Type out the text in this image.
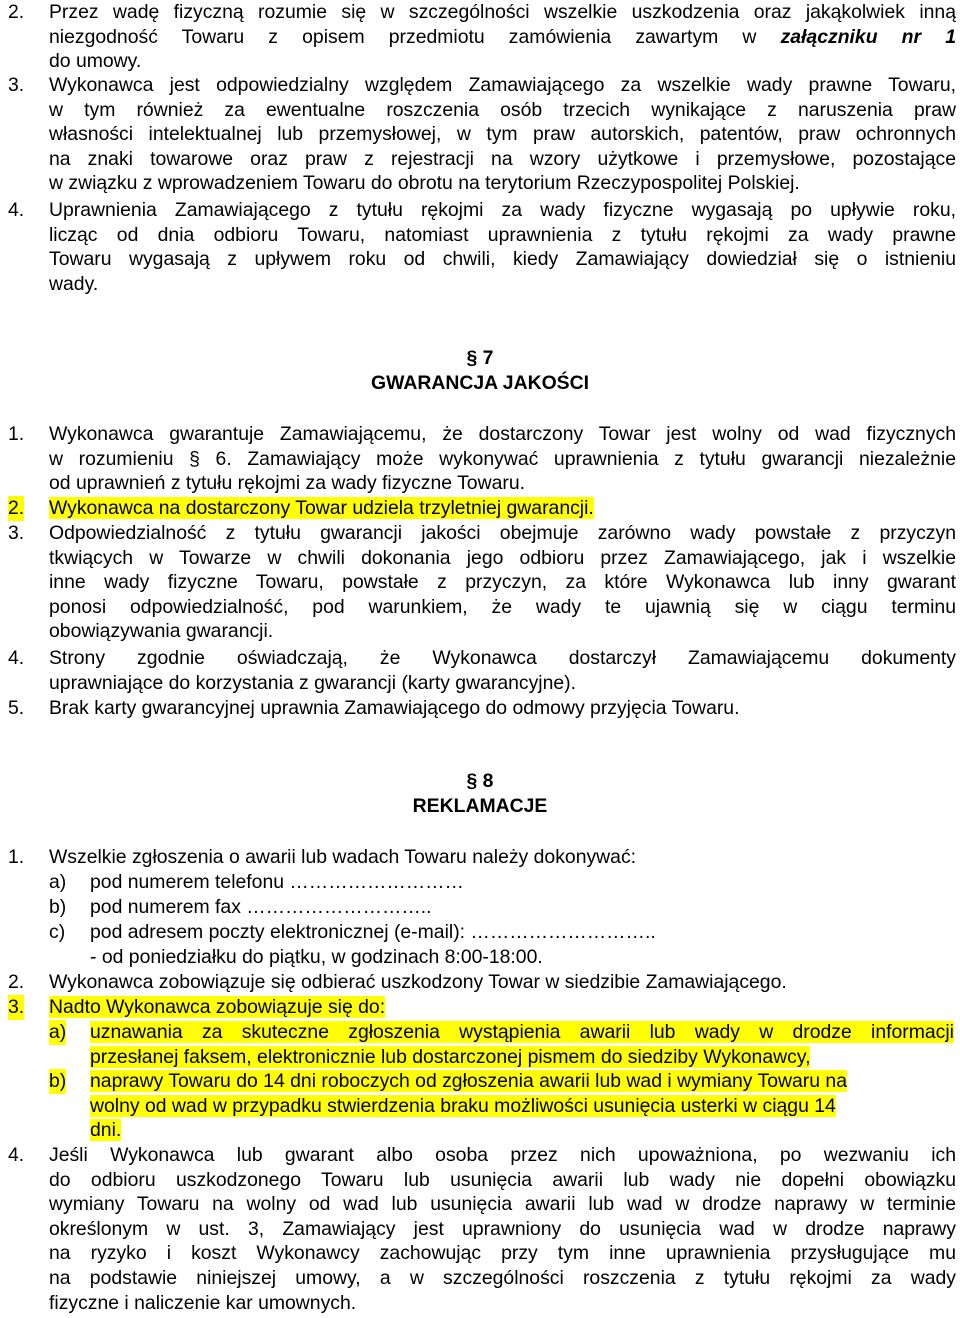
2. Przez wadę fizyczną rozumie się w szczególności wszelkie uszkodzenia oraz jakąkolwiek inną
niezgodność Towaru z opisem przedmiotu zamówienia zawartym w załączniku nr 1
do umowy.
3. Wykonawca jest odpowiedzialny względem Zamawiającego za wszelkie wady prawne Towaru,
w tym również za ewentualne roszczenia osób trzecich wynikające z naruszenia praw
własności intelektualnej lub przemysłowej, w tym praw autorskich, patentów, praw ochronnych
na znaki towarowe oraz praw z rejestracji na wzory użytkowe i przemysłowe, pozostające
w związku z wprowadzeniem Towaru do obrotu na terytorium Rzeczypospolitej Polskiej.
4. Uprawnienia Zamawiającego z tytułu rękojmi za wady fizyczne wygasają po upływie roku,
licząc od dnia odbioru Towaru, natomiast uprawnienia z tytułu rękojmi za wady prawne
Towaru wygasają z upływem roku od chwili, kiedy Zamawiający dowiedział się o istnieniu
wady.
§ 7
GWARANCJA JAKOŚCI
1. Wykonawca gwarantuje Zamawiającemu, że dostarczony Towar jest wolny od wad fizycznych
w rozumieniu § 6. Zamawiający może wykonywać uprawnienia z tytułu gwarancji niezależnie
od uprawnień z tytułu rękojmi za wady fizyczne Towaru.
2. Wykonawca na dostarczony Towar udziela trzyletniej gwarancji.
3. Odpowiedzialność z tytułu gwarancji jakości obejmuje zarówno wady powstałe z przyczyn
tkwiących w Towarze w chwili dokonania jego odbioru przez Zamawiającego, jak i wszelkie
inne wady fizyczne Towaru, powstałe z przyczyn, za które Wykonawca lub inny gwarant
ponosi odpowiedzialność, pod warunkiem, że wady te ujawnią się w ciągu terminu
obowiązywania gwarancji.
4. Strony zgodnie oświadczają, że Wykonawca dostarczył Zamawiającemu dokumenty
uprawniające do korzystania z gwarancji (karty gwarancyjne).
5. Brak karty gwarancyjnej uprawnia Zamawiającego do odmowy przyjęcia Towaru.
§ 8
REKLAMACJE
1. Wszelkie zgłoszenia o awarii lub wadach Towaru należy dokonywać:
a) pod numerem telefonu ………………………
b) pod numerem fax ………………………..
c) pod adresem poczty elektronicznej (e-mail): ………………………..
- od poniedziałku do piątku, w godzinach 8:00-18:00.
2. Wykonawca zobowiązuje się odbierać uszkodzony Towar w siedzibie Zamawiającego.
3. Nadto Wykonawca zobowiązuje się do:
a) uznawania za skuteczne zgłoszenia wystąpienia awarii lub wady w drodze informacji
przesłanej faksem, elektronicznie lub dostarczonej pismem do siedziby Wykonawcy,
b) naprawy Towaru do 14 dni roboczych od zgłoszenia awarii lub wad i wymiany Towaru na
wolny od wad w przypadku stwierdzenia braku możliwości usunięcia usterki w ciągu 14
dni.
4. Jeśli Wykonawca lub gwarant albo osoba przez nich upoważniona, po wezwaniu ich
do odbioru uszkodzonego Towaru lub usunięcia awarii lub wady nie dopełni obowiązku
wymiany Towaru na wolny od wad lub usunięcia awarii lub wad w drodze naprawy w terminie
określonym w ust. 3, Zamawiający jest uprawniony do usunięcia wad w drodze naprawy
na ryzyko i koszt Wykonawcy zachowując przy tym inne uprawnienia przysługujące mu
na podstawie niniejszej umowy, a w szczególności roszczenia z tytułu rękojmi za wady
fizyczne i naliczenie kar umownych.
